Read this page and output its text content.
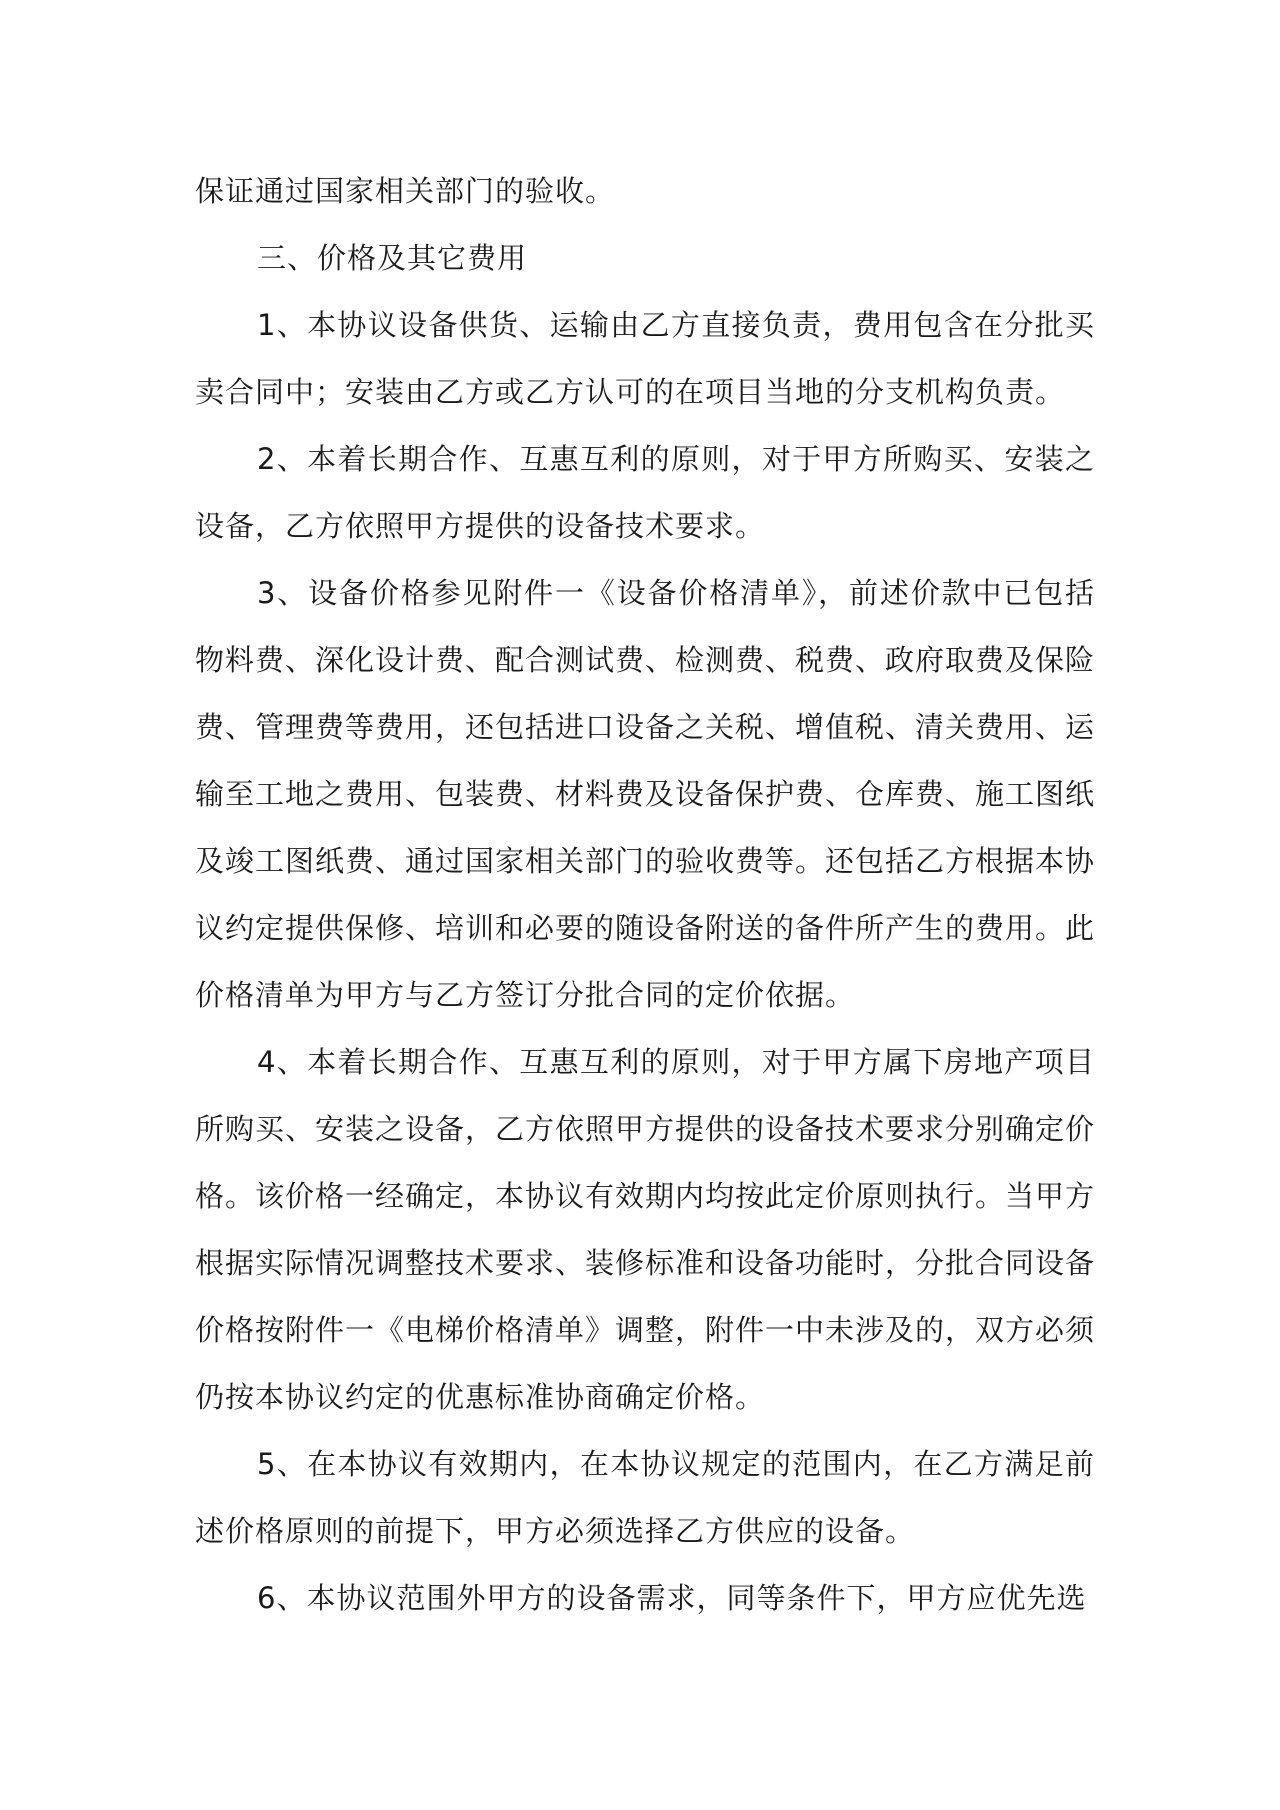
保证通过国家相关部门的验收。

三、价格及其它费用

1、本协议设备供货、运输由乙方直接负责，费用包含在分批买卖合同中；安装由乙方或乙方认可的在项目当地的分支机构负责。

2、本着长期合作、互惠互利的原则，对于甲方所购买、安装之设备，乙方依照甲方提供的设备技术要求。

3、设备价格参见附件一《设备价格清单》，前述价款中已包括物料费、深化设计费、配合测试费、检测费、税费、政府取费及保险费、管理费等费用，还包括进口设备之关税、增值税、清关费用、运输至工地之费用、包装费、材料费及设备保护费、仓库费、施工图纸及竣工图纸费、通过国家相关部门的验收费等。还包括乙方根据本协议约定提供保修、培训和必要的随设备附送的备件所产生的费用。此价格清单为甲方与乙方签订分批合同的定价依据。

4、本着长期合作、互惠互利的原则，对于甲方属下房地产项目所购买、安装之设备，乙方依照甲方提供的设备技术要求分别确定价格。该价格一经确定，本协议有效期内均按此定价原则执行。当甲方根据实际情况调整技术要求、装修标准和设备功能时，分批合同设备价格按附件一《电梯价格清单》调整，附件一中未涉及的，双方必须仍按本协议约定的优惠标准协商确定价格。

5、在本协议有效期内，在本协议规定的范围内，在乙方满足前述价格原则的前提下，甲方必须选择乙方供应的设备。

6、本协议范围外甲方的设备需求，同等条件下，甲方应优先选
